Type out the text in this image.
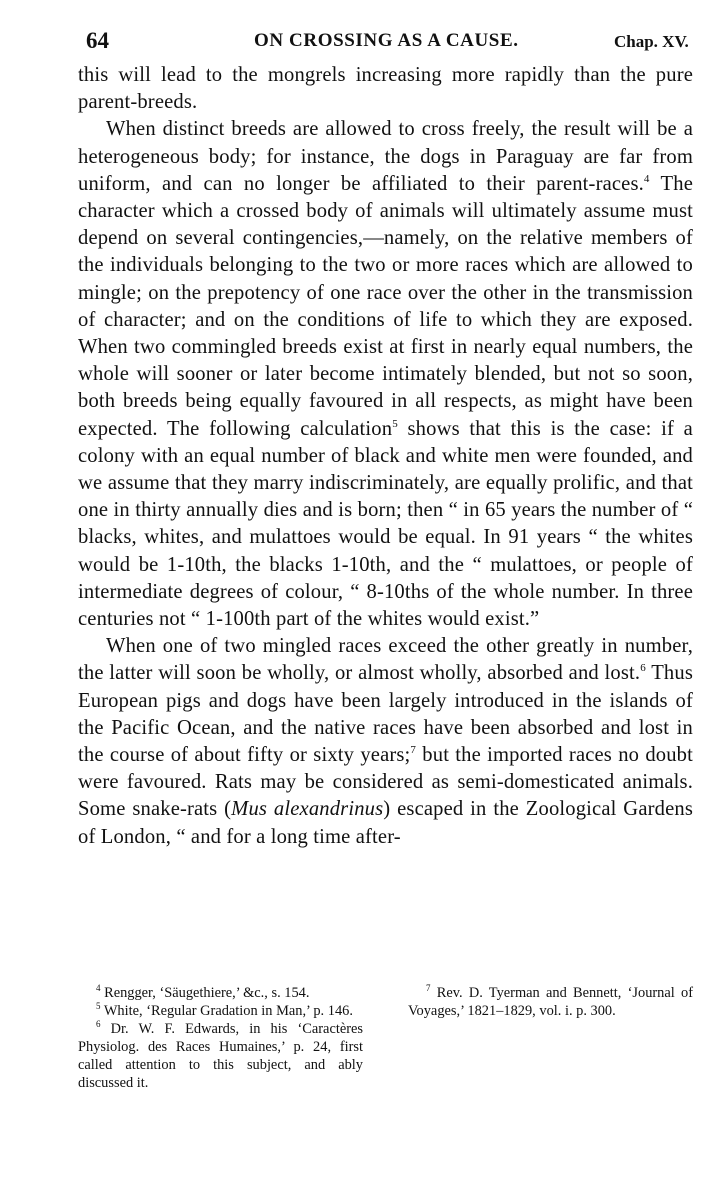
64	ON CROSSING AS A CAUSE.	Chap. XV.

this will lead to the mongrels increasing more rapidly than the pure parent-breeds.

When distinct breeds are allowed to cross freely, the result will be a heterogeneous body; for instance, the dogs in Paraguay are far from uniform, and can no longer be affiliated to their parent-races.$^4$ The character which a crossed body of animals will ultimately assume must depend on several contingencies,—namely, on the relative members of the individuals belonging to the two or more races which are allowed to mingle; on the prepotency of one race over the other in the transmission of character; and on the conditions of life to which they are exposed. When two commingled breeds exist at first in nearly equal numbers, the whole will sooner or later become intimately blended, but not so soon, both breeds being equally favoured in all respects, as might have been expected. The following calculation$^5$ shows that this is the case: if a colony with an equal number of black and white men were founded, and we assume that they marry indiscriminately, are equally prolific, and that one in thirty annually dies and is born; then “ in 65 years the number of “ blacks, whites, and mulattoes would be equal. In 91 years “ the whites would be 1-10th, the blacks 1-10th, and the “ mulattoes, or people of intermediate degrees of colour, “ 8-10ths of the whole number. In three centuries not “ 1-100th part of the whites would exist.”

When one of two mingled races exceed the other greatly in number, the latter will soon be wholly, or almost wholly, absorbed and lost.$^6$ Thus European pigs and dogs have been largely introduced in the islands of the Pacific Ocean, and the native races have been absorbed and lost in the course of about fifty or sixty years;$^7$ but the imported races no doubt were favoured. Rats may be considered as semi-domesticated animals. Some snake-rats (Mus alexandrinus) escaped in the Zoological Gardens of London, “ and for a long time after-

$^4$ Rengger, ‘Säugethiere,’ &c., s. 154.

$^5$ White, ‘Regular Gradation in Man,’ p. 146.

$^6$ Dr. W. F. Edwards, in his ‘Caractères Physiolog. des Races Humaines,’ p. 24, first called attention to this subject, and ably discussed it.

$^7$ Rev. D. Tyerman and Bennett, ‘Journal of Voyages,’ 1821–1829, vol. i. p. 300.
